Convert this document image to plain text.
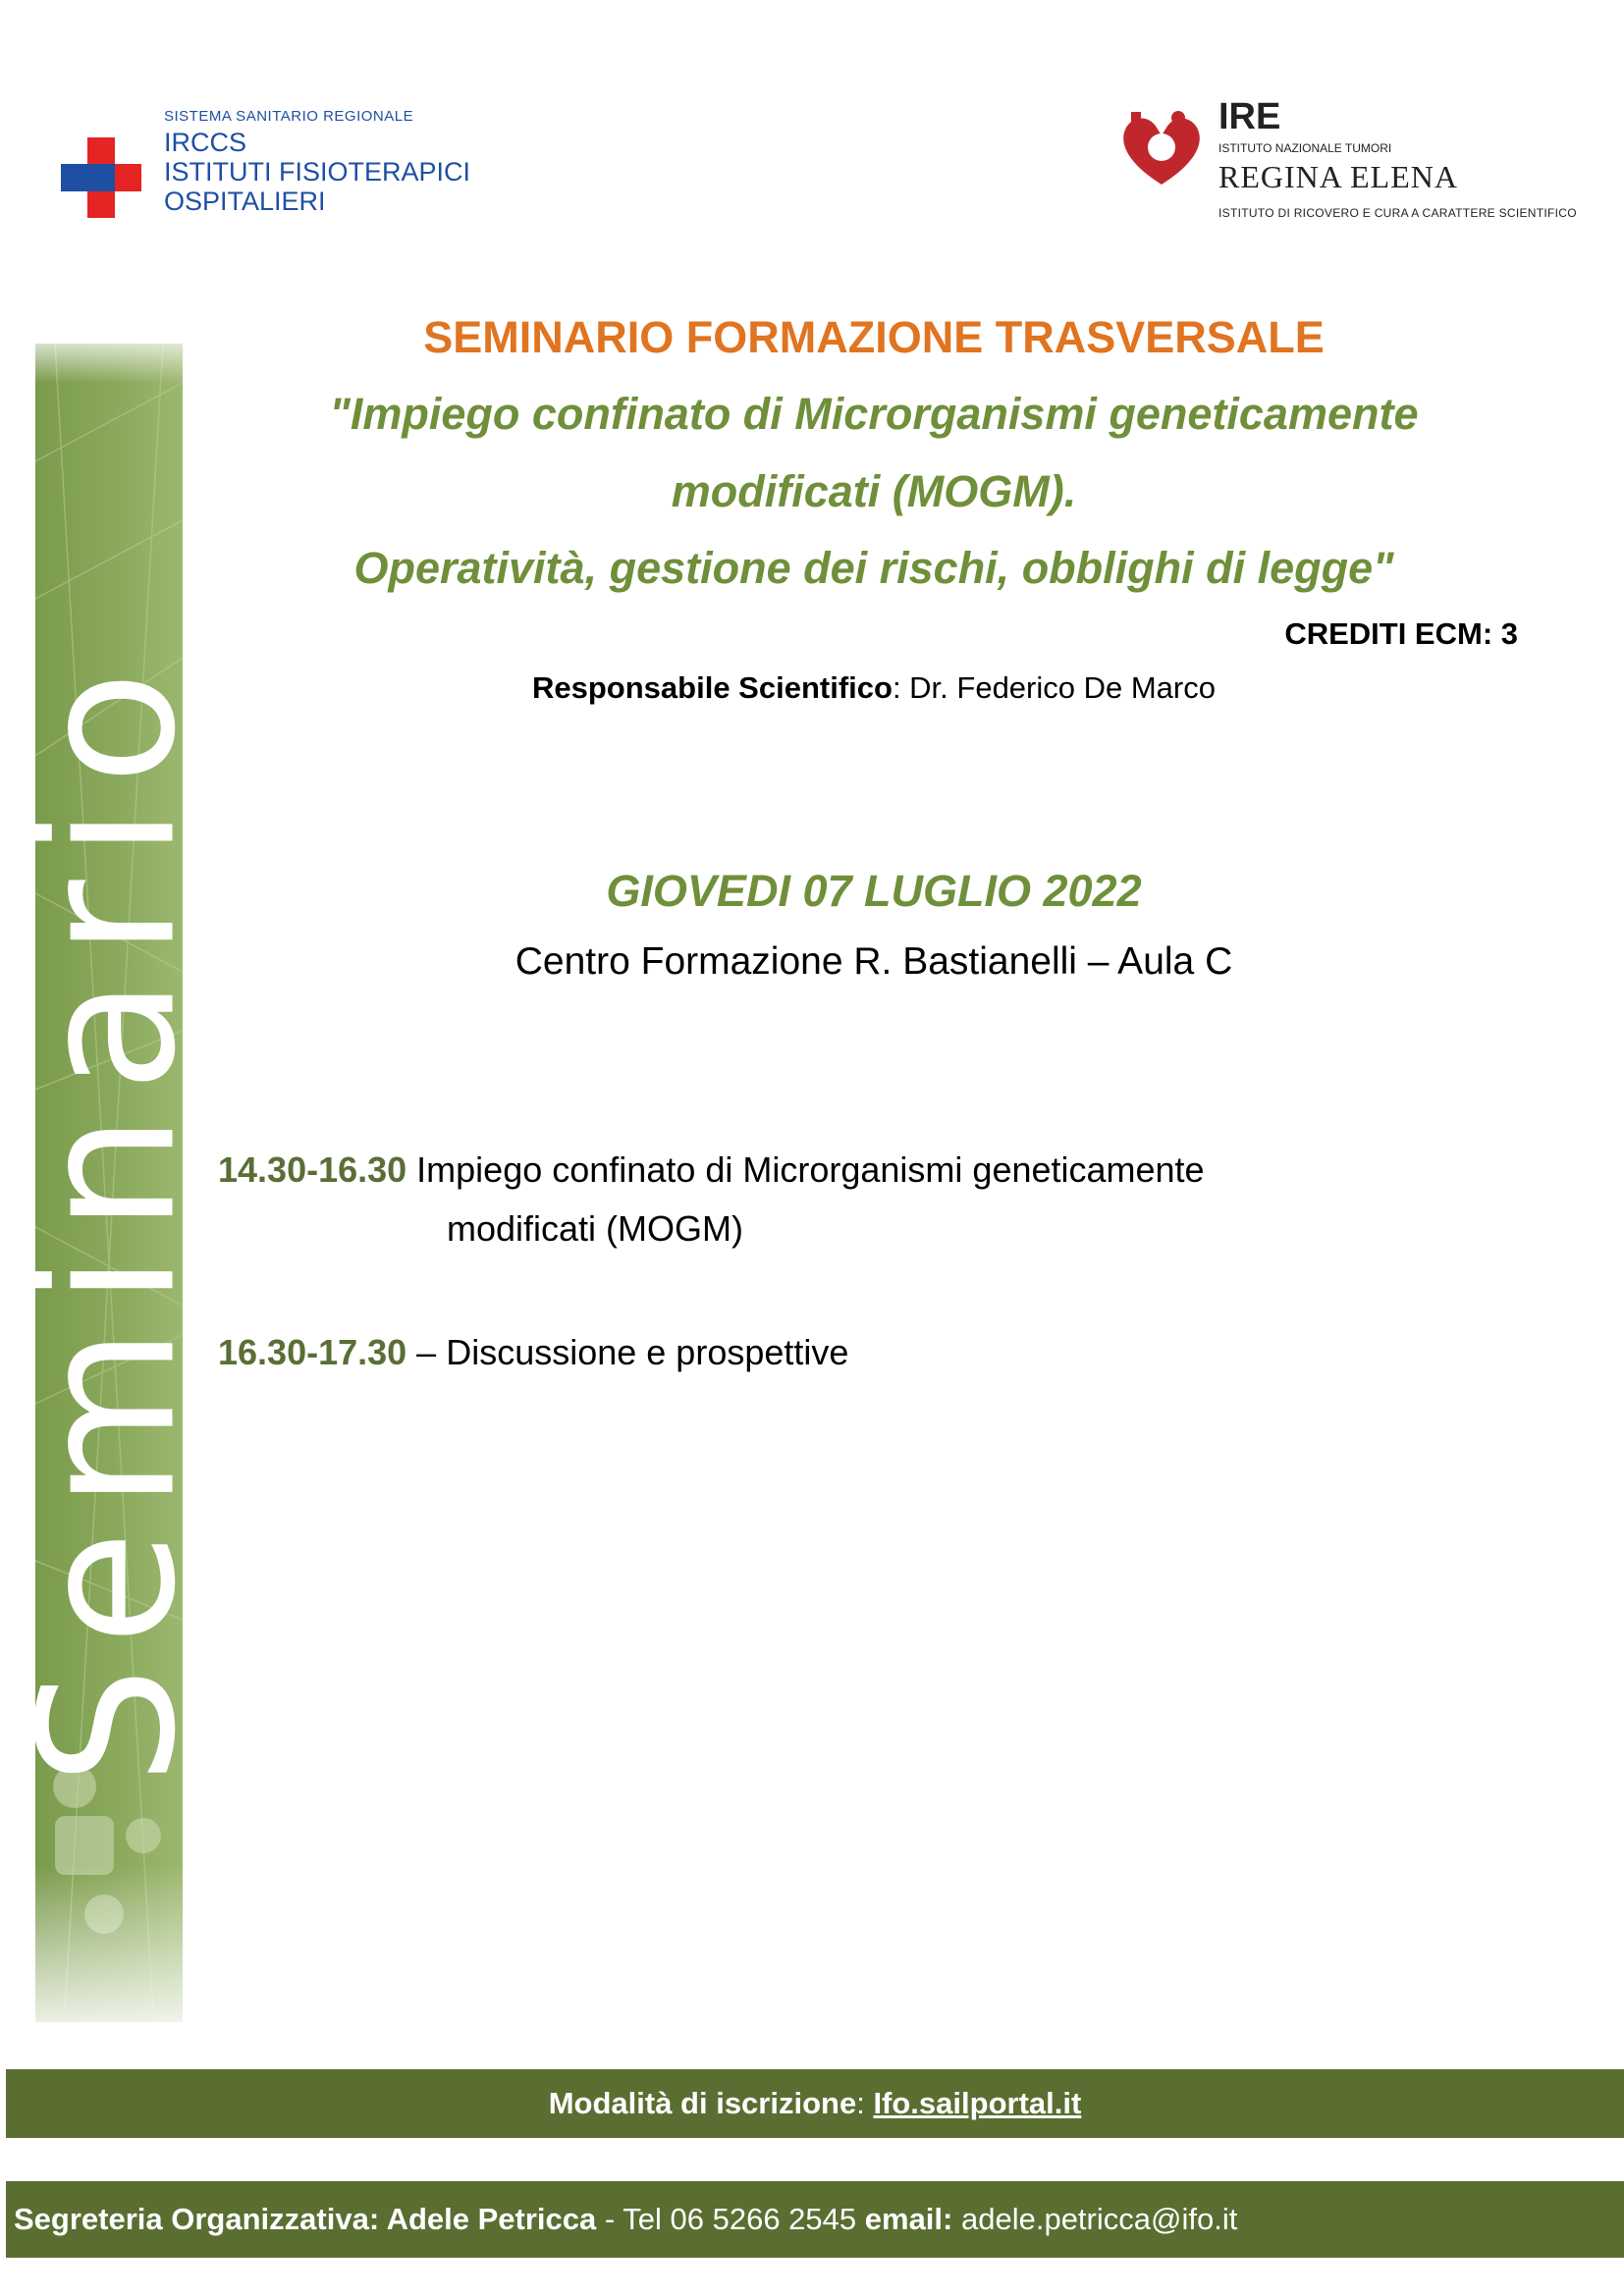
SISTEMA SANITARIO REGIONALE
IRCCS
ISTITUTI FISIOTERAPICI
OSPITALIERI
IRE
ISTITUTO NAZIONALE TUMORI
REGINA ELENA
ISTITUTO DI RICOVERO E CURA A CARATTERE SCIENTIFICO
Seminario
SEMINARIO FORMAZIONE TRASVERSALE
"Impiego confinato di Microrganismi geneticamente
modificati (MOGM).
Operatività, gestione dei rischi, obblighi di legge"
CREDITI ECM: 3
Responsabile Scientifico: Dr. Federico De Marco
GIOVEDI 07 LUGLIO 2022
Centro Formazione R. Bastianelli – Aula C
14.30-16.30 Impiego confinato di Microrganismi geneticamente
modificati (MOGM)
16.30-17.30 – Discussione e prospettive
Modalità di iscrizione: Ifo.sailportal.it
Segreteria Organizzativa: Adele Petricca - Tel 06 5266 2545 email: adele.petricca@ifo.it
